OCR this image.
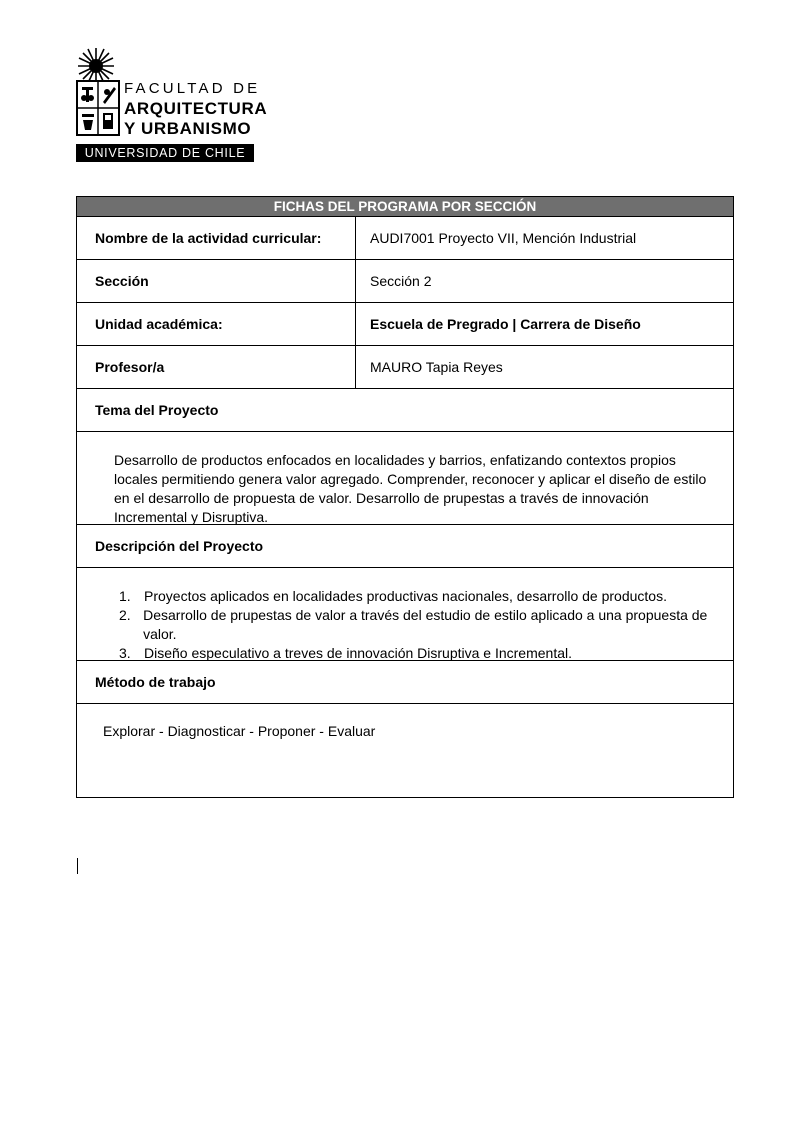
FACULTAD DE
ARQUITECTURA
Y URBANISMO
UNIVERSIDAD DE CHILE
FICHAS DEL PROGRAMA POR SECCIÓN
Nombre de la actividad curricular:	AUDI7001 Proyecto VII, Mención Industrial
Sección	Sección 2
Unidad académica:	Escuela de Pregrado | Carrera de Diseño
Profesor/a	MAURO Tapia Reyes
Tema del Proyecto
Desarrollo de productos enfocados en localidades y barrios, enfatizando contextos propios locales permitiendo genera valor agregado. Comprender, reconocer y aplicar el diseño de estilo en el desarrollo de propuesta de valor. Desarrollo de prupestas a través de innovación Incremental y Disruptiva.
Descripción del Proyecto
1. Proyectos aplicados en localidades productivas nacionales, desarrollo de productos.
2. Desarrollo de prupestas de valor a través del estudio de estilo aplicado a una propuesta de valor.
3. Diseño especulativo a treves de innovación Disruptiva e Incremental.
Método de trabajo
Explorar - Diagnosticar - Proponer - Evaluar
